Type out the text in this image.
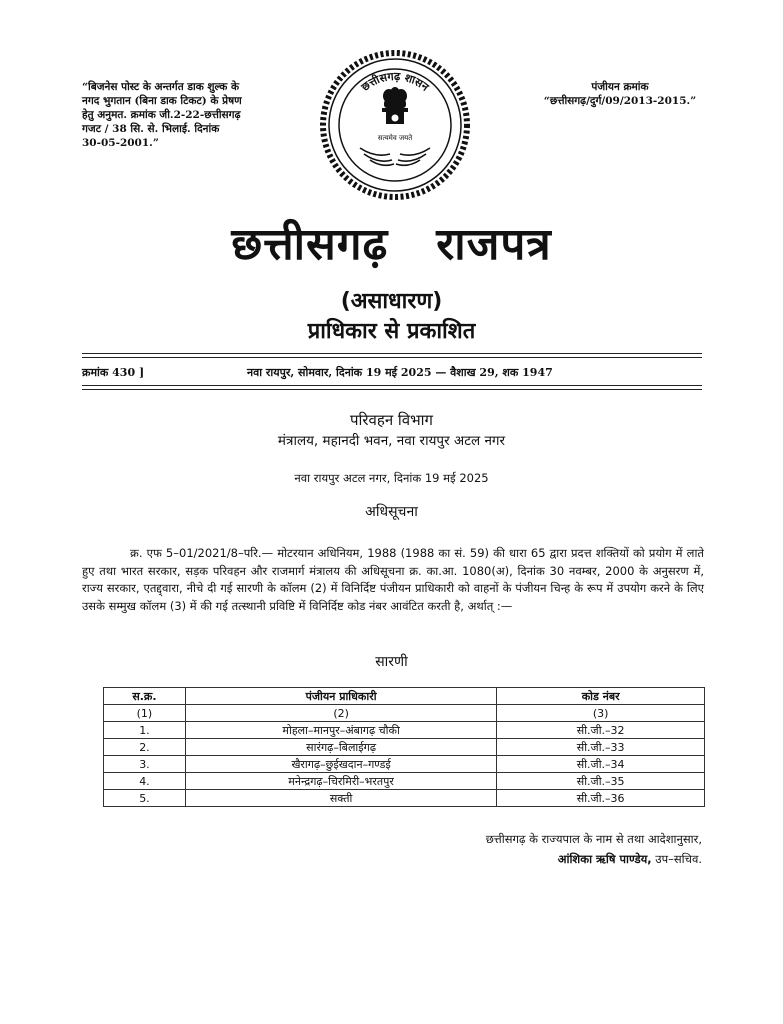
“बिजनेस पोस्ट के अन्तर्गत डाक शुल्क के
नगद भुगतान (बिना डाक टिकट) के प्रेषण
हेतु अनुमत. क्रमांक जी.2-22-छत्तीसगढ़
गजट / 38 सि. से. भिलाई. दिनांक
30-05-2001.”
पंजीयन क्रमांक
“छत्तीसगढ़/दुर्ग/09/2013-2015.”
छत्तीसगढ़ शासन
सत्यमेव जयते
छत्तीसगढ़ राजपत्र
(असाधारण)
प्राधिकार से प्रकाशित
क्रमांक 430 ]	नवा रायपुर, सोमवार, दिनांक 19 मई 2025 — वैशाख 29, शक 1947
परिवहन विभाग
मंत्रालय, महानदी भवन, नवा रायपुर अटल नगर
नवा रायपुर अटल नगर, दिनांक 19 मई 2025
अधिसूचना
क्र. एफ 5–01/2021/8–परि.— मोटरयान अधिनियम, 1988 (1988 का सं. 59) की धारा 65 द्वारा प्रदत्त शक्तियों को प्रयोग में लाते हुए तथा भारत सरकार, सड़क परिवहन और राजमार्ग मंत्रालय की अधिसूचना क्र. का.आ. 1080(अ), दिनांक 30 नवम्बर, 2000 के अनुसरण में, राज्य सरकार, एतद्द्वारा, नीचे दी गई सारणी के कॉलम (2) में विनिर्दिष्ट पंजीयन प्राधिकारी को वाहनों के पंजीयन चिन्ह के रूप में उपयोग करने के लिए उसके सम्मुख कॉलम (3) में की गई तत्स्थानी प्रविष्टि में विनिर्दिष्ट कोड नंबर आवंटित करती है, अर्थात् :—
सारणी
स.क्र.	पंजीयन प्राधिकारी	कोड नंबर
(1)	(2)	(3)
1.	मोहला–मानपुर–अंबागढ़ चौकी	सी.जी.–32
2.	सारंगढ़–बिलाईगढ़	सी.जी.–33
3.	खैरागढ़–छुईखदान–गण्डई	सी.जी.–34
4.	मनेन्द्रगढ़–चिरमिरी–भरतपुर	सी.जी.–35
5.	सक्ती	सी.जी.–36
छत्तीसगढ़ के राज्यपाल के नाम से तथा आदेशानुसार,
आंशिका ऋषि पाण्डेय, उप–सचिव.
